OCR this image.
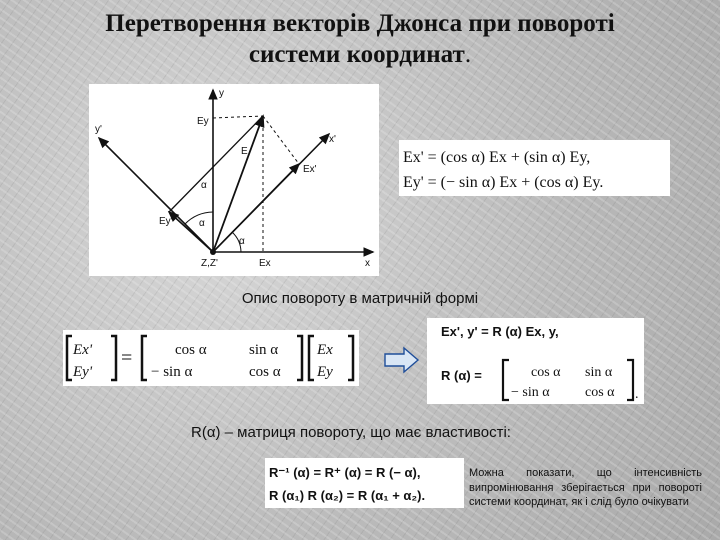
Перетворення векторів Джонса при повороті
системи координат.
y
x
y'
x'
Ey
E
Ex'
Ey'
α
α
α
Z,Z'	Ex
Ex' = (cos α) Ex + (sin α) Ey,
Ey' = (− sin α) Ex + (cos α) Ey.
Опис повороту в матричній формі
Ex'
Ey'
=	cos α	sin α
− sin α	cos α
Ex
Ey
Ex', y' = R (α) Ex, y,
R (α) =	cos α sin α
− sin α	cos α .
R(α) – матриця повороту, що має властивості:
R⁻¹ (α) = R⁺ (α) = R (− α),
R (α₁) R (α₂) = R (α₁ + α₂).
Можна показати, що інтенсивність випромінювання зберігається при повороті системи координат, як і слід було очікувати
